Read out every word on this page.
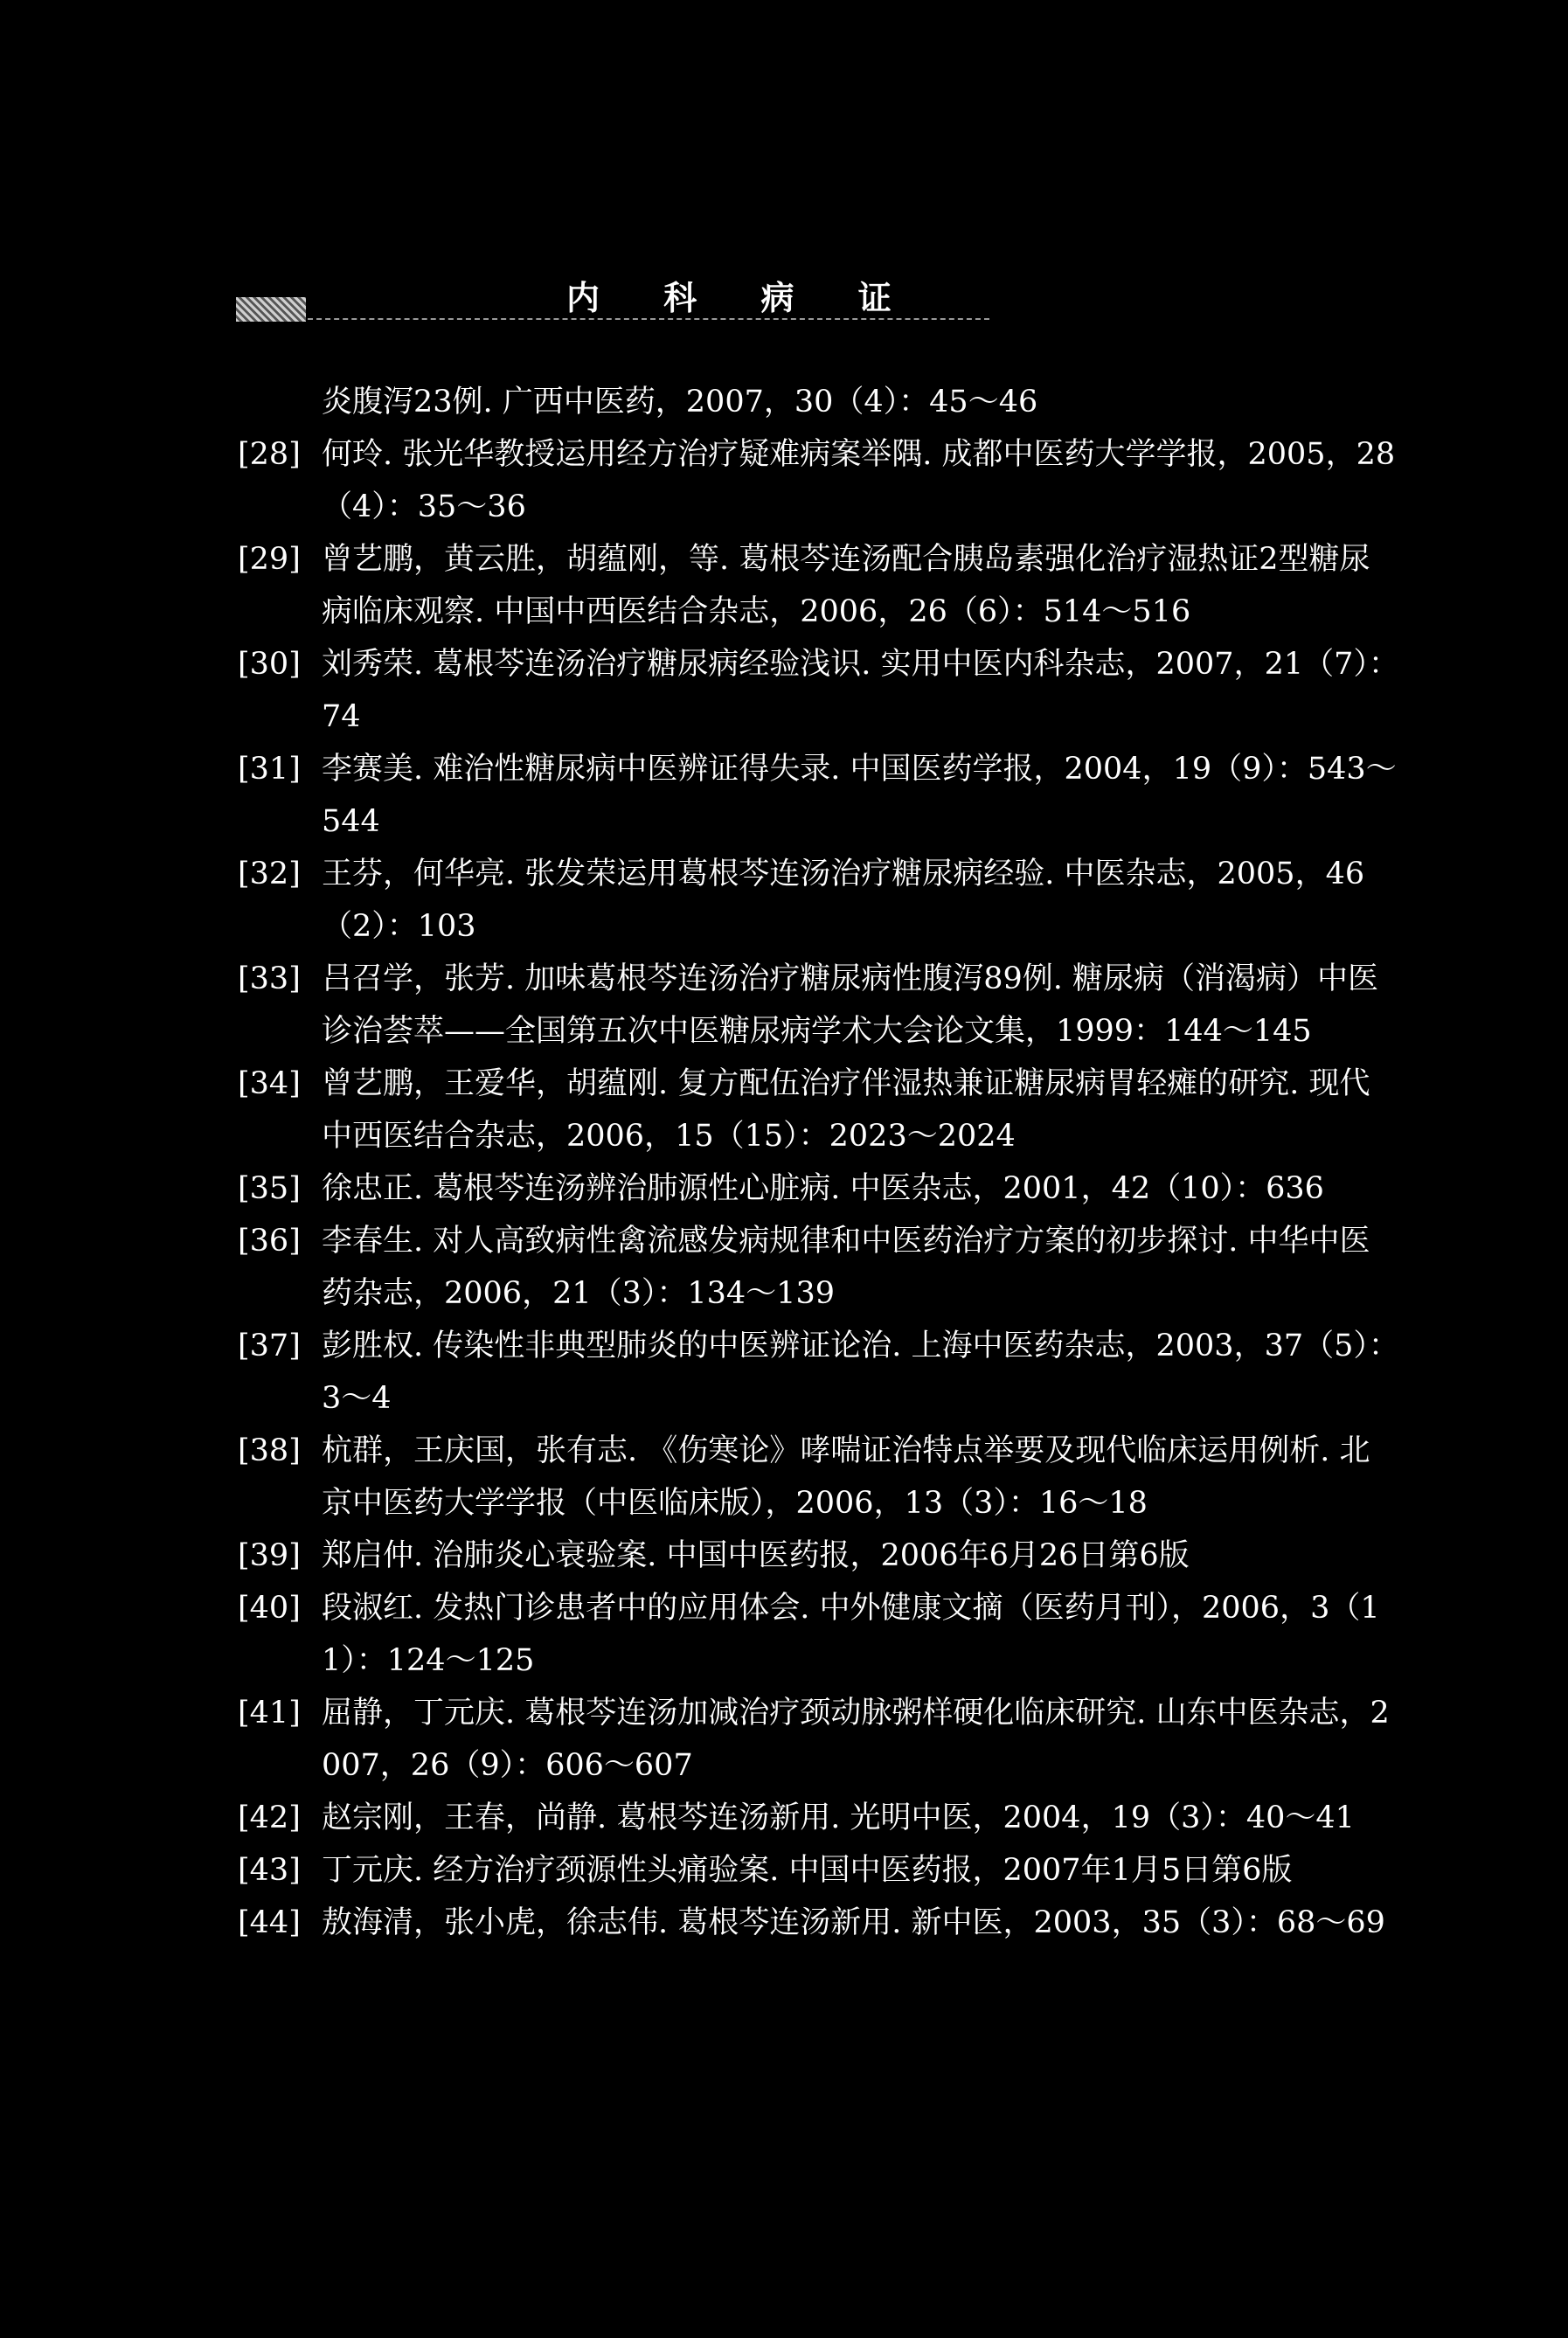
内 科 病 证
炎腹泻23例. 广西中医药，2007，30（4）：45～46
[28] 何玲. 张光华教授运用经方治疗疑难病案举隅. 成都中医药大学学报，2005，28（4）：35～36
[29] 曾艺鹏，黄云胜，胡蕴刚，等. 葛根芩连汤配合胰岛素强化治疗湿热证2型糖尿病临床观察. 中国中西医结合杂志，2006，26（6）：514～516
[30] 刘秀荣. 葛根芩连汤治疗糖尿病经验浅识. 实用中医内科杂志，2007，21（7）：74
[31] 李赛美. 难治性糖尿病中医辨证得失录. 中国医药学报，2004，19（9）：543～544
[32] 王芬，何华亮. 张发荣运用葛根芩连汤治疗糖尿病经验. 中医杂志，2005，46（2）：103
[33] 吕召学，张芳. 加味葛根芩连汤治疗糖尿病性腹泻89例. 糖尿病（消渴病）中医诊治荟萃——全国第五次中医糖尿病学术大会论文集，1999：144～145
[34] 曾艺鹏，王爱华，胡蕴刚. 复方配伍治疗伴湿热兼证糖尿病胃轻瘫的研究. 现代中西医结合杂志，2006，15（15）：2023～2024
[35] 徐忠正. 葛根芩连汤辨治肺源性心脏病. 中医杂志，2001，42（10）：636
[36] 李春生. 对人高致病性禽流感发病规律和中医药治疗方案的初步探讨. 中华中医药杂志，2006，21（3）：134～139
[37] 彭胜权. 传染性非典型肺炎的中医辨证论治. 上海中医药杂志，2003，37（5）：3～4
[38] 杭群，王庆国，张有志. 《伤寒论》哮喘证治特点举要及现代临床运用例析. 北京中医药大学学报（中医临床版），2006，13（3）：16～18
[39] 郑启仲. 治肺炎心衰验案. 中国中医药报，2006年6月26日第6版
[40] 段淑红. 发热门诊患者中的应用体会. 中外健康文摘（医药月刊），2006，3（11）：124～125
[41] 屈静，丁元庆. 葛根芩连汤加减治疗颈动脉粥样硬化临床研究. 山东中医杂志，2007，26（9）：606～607
[42] 赵宗刚，王春，尚静. 葛根芩连汤新用. 光明中医，2004，19（3）：40～41
[43] 丁元庆. 经方治疗颈源性头痛验案. 中国中医药报，2007年1月5日第6版
[44] 敖海清，张小虎，徐志伟. 葛根芩连汤新用. 新中医，2003，35（3）：68～69
